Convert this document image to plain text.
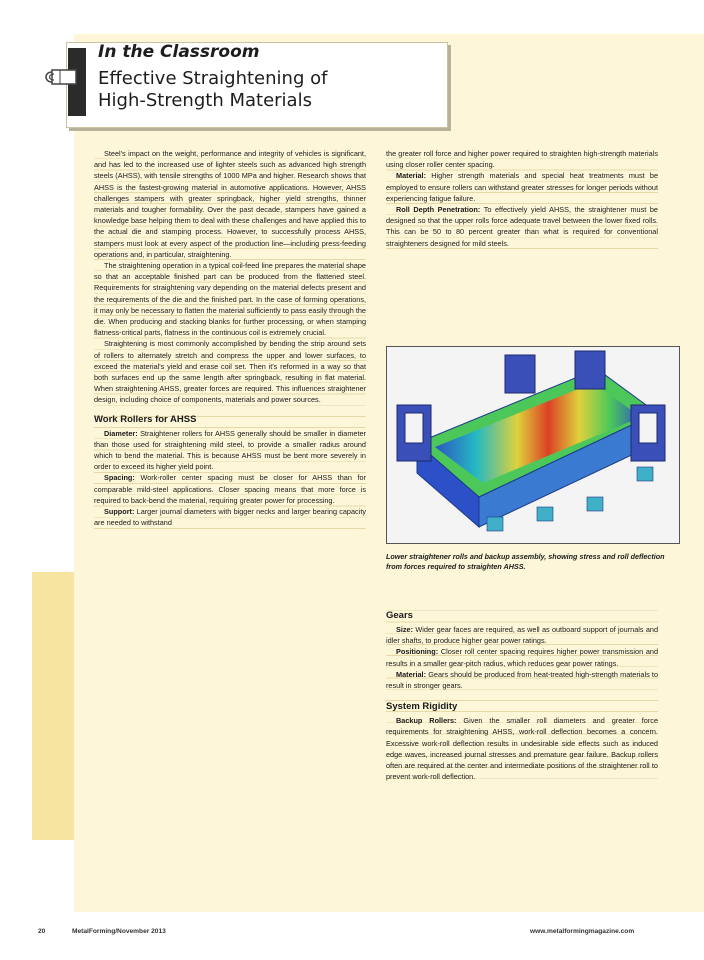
In the Classroom
Effective Straightening of
High-Strength Materials

Steel's impact on the weight, performance and integrity of vehicles is significant, and has led to the increased use of lighter steels such as advanced high strength steels (AHSS), with tensile strengths of 1000 MPa and higher. Research shows that AHSS is the fastest-growing material in automotive applications. However, AHSS challenges stampers with greater springback, higher yield strengths, thinner materials and tougher formability. Over the past decade, stampers have gained a knowledge base helping them to deal with these challenges and have applied this to the actual die and stamping process. However, to successfully process AHSS, stampers must look at every aspect of the production line—including press-feeding operations and, in particular, straightening.

The straightening operation in a typical coil-feed line prepares the material shape so that an acceptable finished part can be produced from the flattened steel. Requirements for straightening vary depending on the material defects present and the requirements of the die and the finished part. In the case of forming operations, it may only be necessary to flatten the material sufficiently to pass easily through the die. When producing and stacking blanks for further processing, or when stamping flatness-critical parts, flatness in the continuous coil is extremely crucial.

Straightening is most commonly accomplished by bending the strip around sets of rollers to alternately stretch and compress the upper and lower surfaces, to exceed the material's yield and erase coil set. Then it's reformed in a way so that both surfaces end up the same length after springback, resulting in flat material. When straightening AHSS, greater forces are required. This influences straightener design, including choice of components, materials and power sources.

Work Rollers for AHSS

Diameter: Straightener rollers for AHSS generally should be smaller in diameter than those used for straightening mild steel, to provide a smaller radius around which to bend the material. This is because AHSS must be bent more severely in order to exceed its higher yield point.

Spacing: Work-roller center spacing must be closer for AHSS than for comparable mild-steel applications. Closer spacing means that more force is required to back-bend the material, requiring greater power for processing.

Support: Larger journal diameters with bigger necks and larger bearing capacity are needed to withstand

the greater roll force and higher power required to straighten high-strength materials using closer roller center spacing.

Material: Higher strength materials and special heat treatments must be employed to ensure rollers can withstand greater stresses for longer periods without experiencing fatigue failure.

Roll Depth Penetration: To effectively yield AHSS, the straightener must be designed so that the upper rolls force adequate travel between the lower fixed rolls. This can be 50 to 80 percent greater than what is required for conventional straighteners designed for mild steels.

Lower straightener rolls and backup assembly, showing stress and roll deflection from forces required to straighten AHSS.
Gears

Size: Wider gear faces are required, as well as outboard support of journals and idler shafts, to produce higher gear power ratings.

Positioning: Closer roll center spacing requires higher power transmission and results in a smaller gear-pitch radius, which reduces gear power ratings.

Material: Gears should be produced from heat-treated high-strength materials to result in stronger gears.

System Rigidity

Backup Rollers: Given the smaller roll diameters and greater force requirements for straightening AHSS, work-roll deflection becomes a concern. Excessive work-roll deflection results in undesirable side effects such as induced edge waves, increased journal stresses and premature gear failure. Backup rollers often are required at the center and intermediate positions of the straightener roll to prevent work-roll deflection.

20	MetalForming/November 2013	www.metalformingmagazine.com
